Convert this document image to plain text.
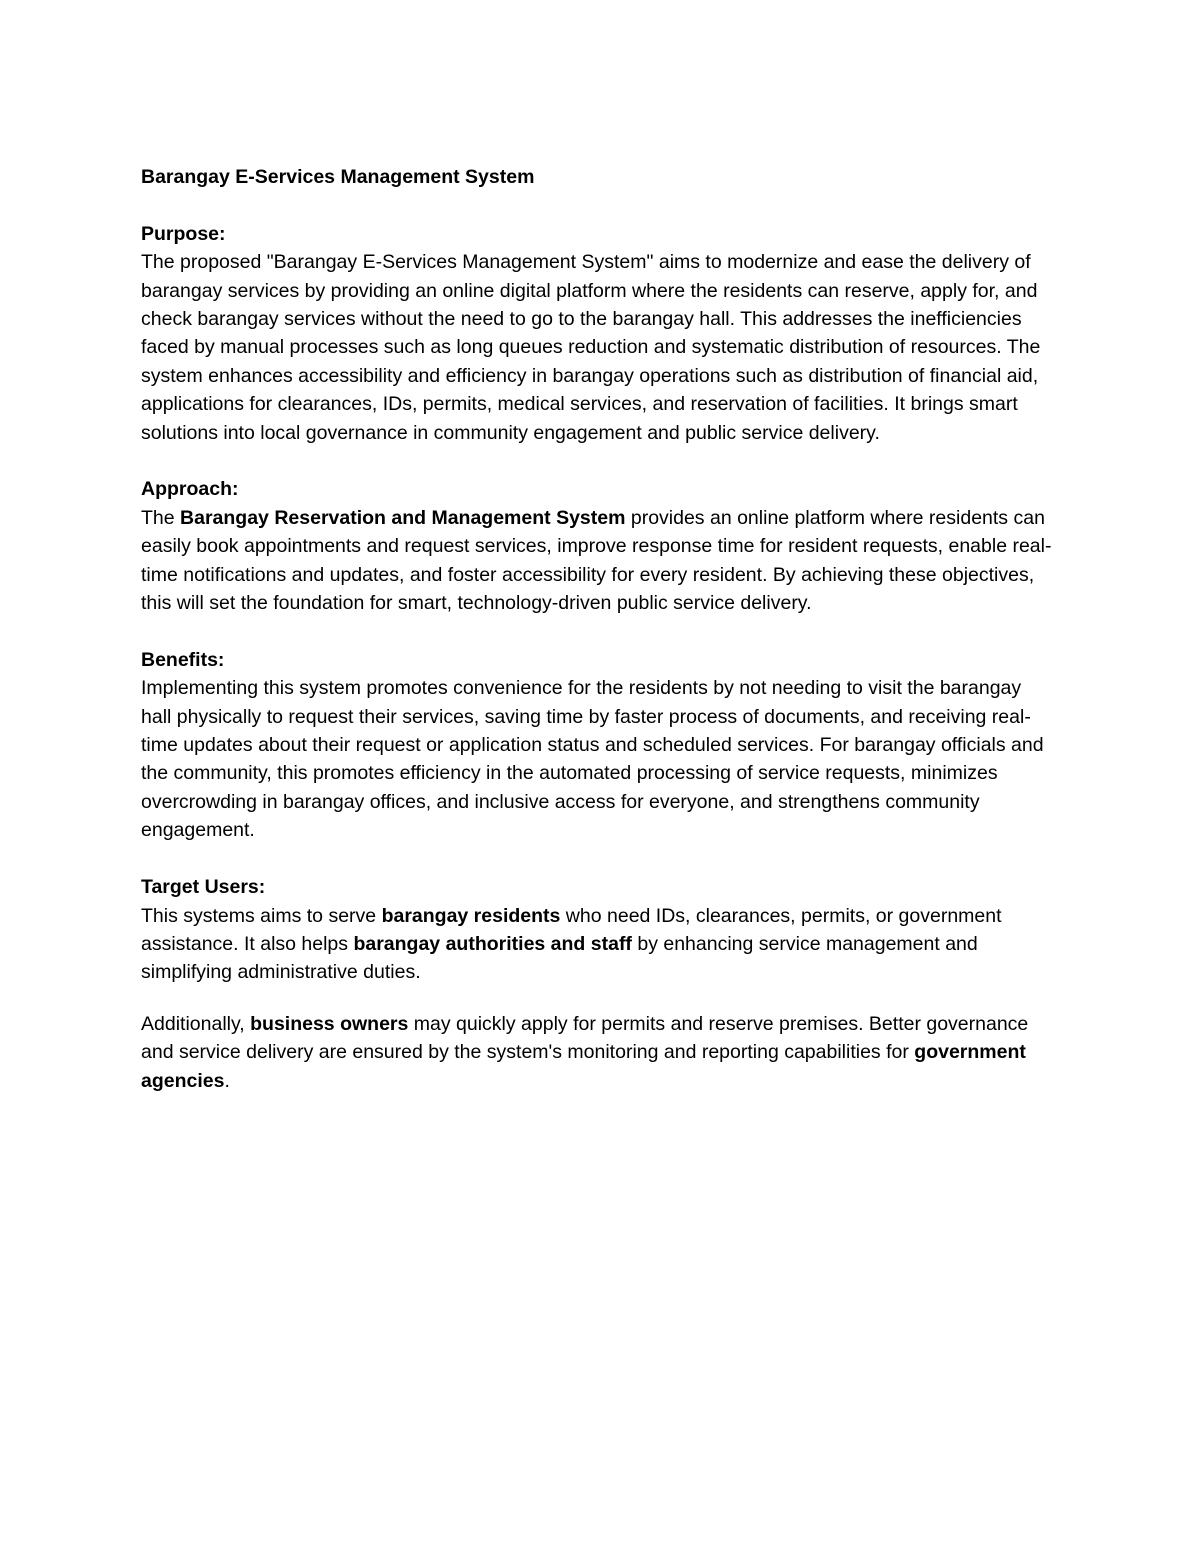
Barangay E-Services Management System

Purpose:

The proposed "Barangay E-Services Management System" aims to modernize and ease the delivery of barangay services by providing an online digital platform where the residents can reserve, apply for, and check barangay services without the need to go to the barangay hall. This addresses the inefficiencies faced by manual processes such as long queues reduction and systematic distribution of resources. The system enhances accessibility and efficiency in barangay operations such as distribution of financial aid, applications for clearances, IDs, permits, medical services, and reservation of facilities. It brings smart solutions into local governance in community engagement and public service delivery.

Approach:

The Barangay Reservation and Management System provides an online platform where residents can easily book appointments and request services, improve response time for resident requests, enable real-time notifications and updates, and foster accessibility for every resident. By achieving these objectives, this will set the foundation for smart, technology-driven public service delivery.

Benefits:

Implementing this system promotes convenience for the residents by not needing to visit the barangay hall physically to request their services, saving time by faster process of documents, and receiving real-time updates about their request or application status and scheduled services. For barangay officials and the community, this promotes efficiency in the automated processing of service requests, minimizes overcrowding in barangay offices, and inclusive access for everyone, and strengthens community engagement.

Target Users:

This systems aims to serve barangay residents who need IDs, clearances, permits, or government assistance. It also helps barangay authorities and staff by enhancing service management and simplifying administrative duties.

Additionally, business owners may quickly apply for permits and reserve premises. Better governance and service delivery are ensured by the system's monitoring and reporting capabilities for government agencies.
